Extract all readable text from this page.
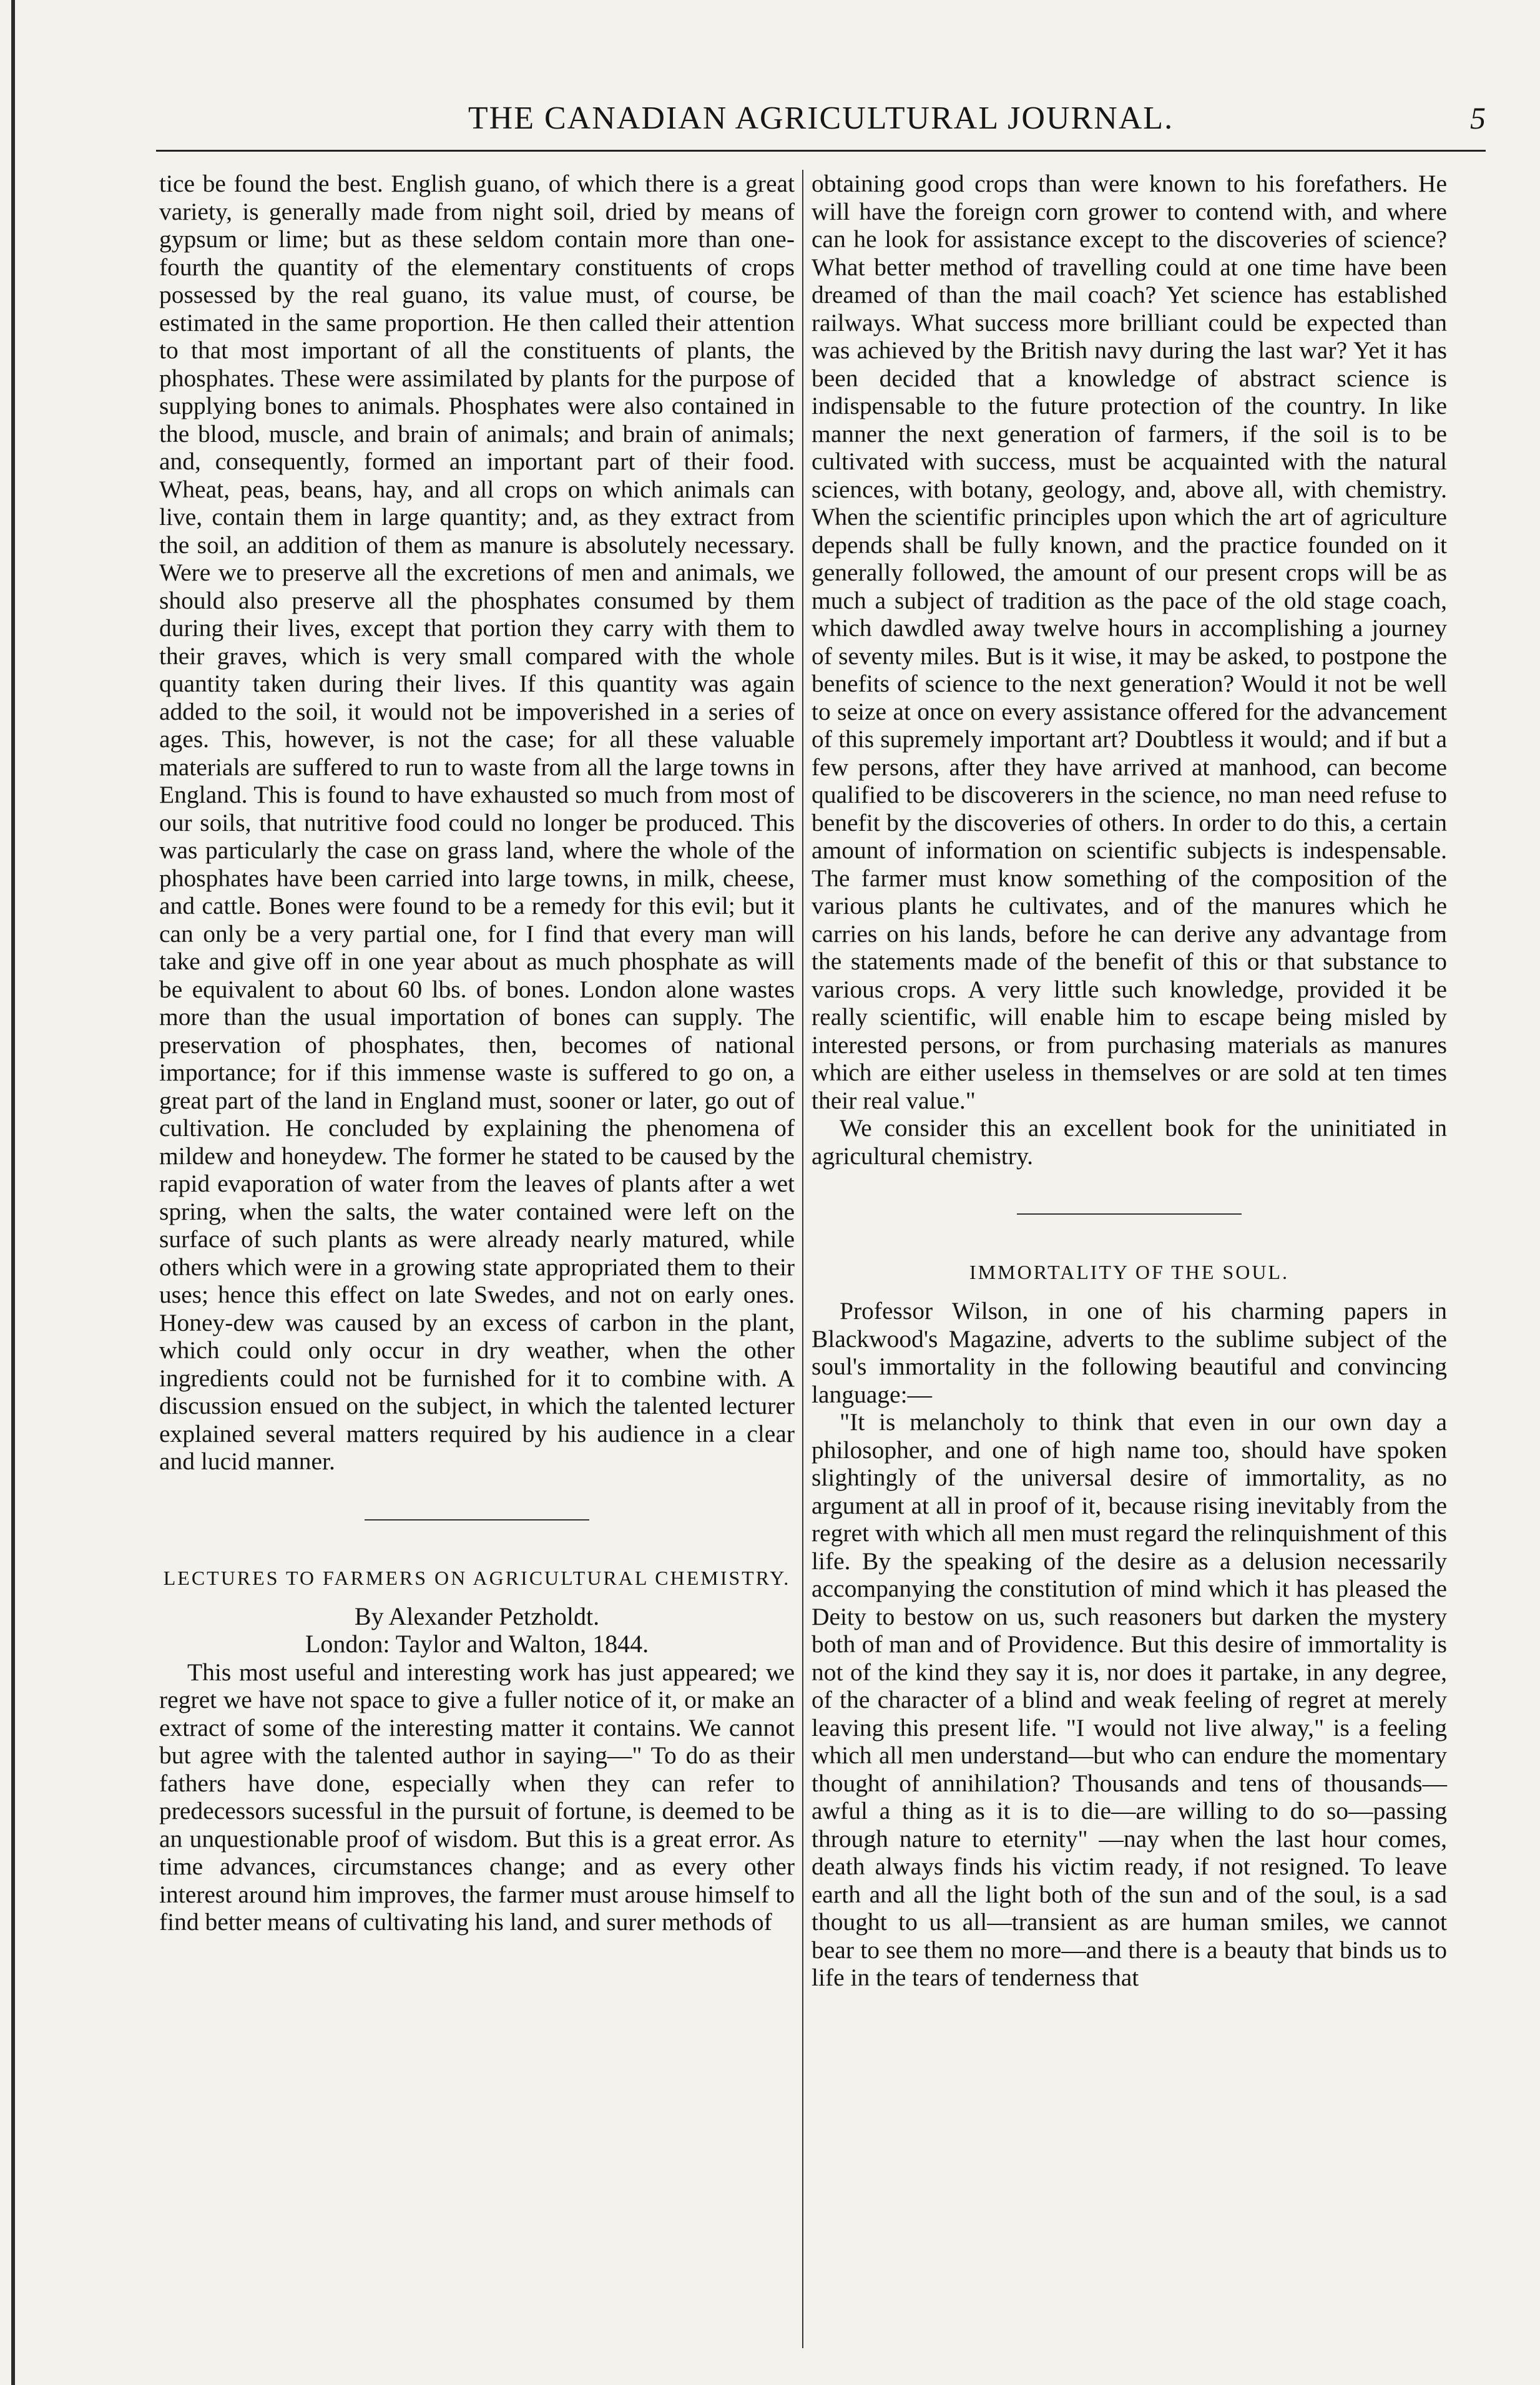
THE CANADIAN AGRICULTURAL JOURNAL.	5

tice be found the best. English guano, of which there is a great variety, is generally made from night soil, dried by means of gypsum or lime; but as these seldom contain more than one-fourth the quantity of the elementary constituents of crops possessed by the real guano, its value must, of course, be estimated in the same proportion. He then called their attention to that most important of all the constituents of plants, the phosphates. These were assimilated by plants for the purpose of supplying bones to animals. Phosphates were also contained in the blood, muscle, and brain of animals; and brain of animals; and, consequently, formed an important part of their food. Wheat, peas, beans, hay, and all crops on which animals can live, contain them in large quantity; and, as they extract from the soil, an addition of them as manure is absolutely necessary. Were we to preserve all the excretions of men and animals, we should also preserve all the phosphates consumed by them during their lives, except that portion they carry with them to their graves, which is very small compared with the whole quantity taken during their lives. If this quantity was again added to the soil, it would not be impoverished in a series of ages. This, however, is not the case; for all these valuable materials are suffered to run to waste from all the large towns in England. This is found to have exhausted so much from most of our soils, that nutritive food could no longer be produced. This was particularly the case on grass land, where the whole of the phosphates have been carried into large towns, in milk, cheese, and cattle. Bones were found to be a remedy for this evil; but it can only be a very partial one, for I find that every man will take and give off in one year about as much phosphate as will be equivalent to about 60 lbs. of bones. London alone wastes more than the usual importation of bones can supply. The preservation of phosphates, then, becomes of national importance; for if this immense waste is suffered to go on, a great part of the land in England must, sooner or later, go out of cultivation. He concluded by explaining the phenomena of mildew and honeydew. The former he stated to be caused by the rapid evaporation of water from the leaves of plants after a wet spring, when the salts, the water contained were left on the surface of such plants as were already nearly matured, while others which were in a growing state appropriated them to their uses; hence this effect on late Swedes, and not on early ones. Honey-dew was caused by an excess of carbon in the plant, which could only occur in dry weather, when the other ingredients could not be furnished for it to combine with. A discussion ensued on the subject, in which the talented lecturer explained several matters required by his audience in a clear and lucid manner.

LECTURES TO FARMERS ON AGRICULTURAL CHEMISTRY.
By Alexander Petzholdt.
London: Taylor and Walton, 1844.

This most useful and interesting work has just appeared; we regret we have not space to give a fuller notice of it, or make an extract of some of the interesting matter it contains. We cannot but agree with the talented author in saying—" To do as their fathers have done, especially when they can refer to predecessors sucessful in the pursuit of fortune, is deemed to be an unquestionable proof of wisdom. But this is a great error. As time advances, circumstances change; and as every other interest around him improves, the farmer must arouse himself to find better means of cultivating his land, and surer methods of

obtaining good crops than were known to his forefathers. He will have the foreign corn grower to contend with, and where can he look for assistance except to the discoveries of science? What better method of travelling could at one time have been dreamed of than the mail coach? Yet science has established railways. What success more brilliant could be expected than was achieved by the British navy during the last war? Yet it has been decided that a knowledge of abstract science is indispensable to the future protection of the country. In like manner the next generation of farmers, if the soil is to be cultivated with success, must be acquainted with the natural sciences, with botany, geology, and, above all, with chemistry. When the scientific principles upon which the art of agriculture depends shall be fully known, and the practice founded on it generally followed, the amount of our present crops will be as much a subject of tradition as the pace of the old stage coach, which dawdled away twelve hours in accomplishing a journey of seventy miles. But is it wise, it may be asked, to postpone the benefits of science to the next generation? Would it not be well to seize at once on every assistance offered for the advancement of this supremely important art? Doubtless it would; and if but a few persons, after they have arrived at manhood, can become qualified to be discoverers in the science, no man need refuse to benefit by the discoveries of others. In order to do this, a certain amount of information on scientific subjects is indespensable. The farmer must know something of the composition of the various plants he cultivates, and of the manures which he carries on his lands, before he can derive any advantage from the statements made of the benefit of this or that substance to various crops. A very little such knowledge, provided it be really scientific, will enable him to escape being misled by interested persons, or from purchasing materials as manures which are either useless in themselves or are sold at ten times their real value."

We consider this an excellent book for the uninitiated in agricultural chemistry.

IMMORTALITY OF THE SOUL.

Professor Wilson, in one of his charming papers in Blackwood's Magazine, adverts to the sublime subject of the soul's immortality in the following beautiful and convincing language:—

"It is melancholy to think that even in our own day a philosopher, and one of high name too, should have spoken slightingly of the universal desire of immortality, as no argument at all in proof of it, because rising inevitably from the regret with which all men must regard the relinquishment of this life. By the speaking of the desire as a delusion necessarily accompanying the constitution of mind which it has pleased the Deity to bestow on us, such reasoners but darken the mystery both of man and of Providence. But this desire of immortality is not of the kind they say it is, nor does it partake, in any degree, of the character of a blind and weak feeling of regret at merely leaving this present life. "I would not live alway," is a feeling which all men understand—but who can endure the momentary thought of annihilation? Thousands and tens of thousands—awful a thing as it is to die—are willing to do so—passing through nature to eternity" —nay when the last hour comes, death always finds his victim ready, if not resigned. To leave earth and all the light both of the sun and of the soul, is a sad thought to us all—transient as are human smiles, we cannot bear to see them no more—and there is a beauty that binds us to life in the tears of tenderness that
